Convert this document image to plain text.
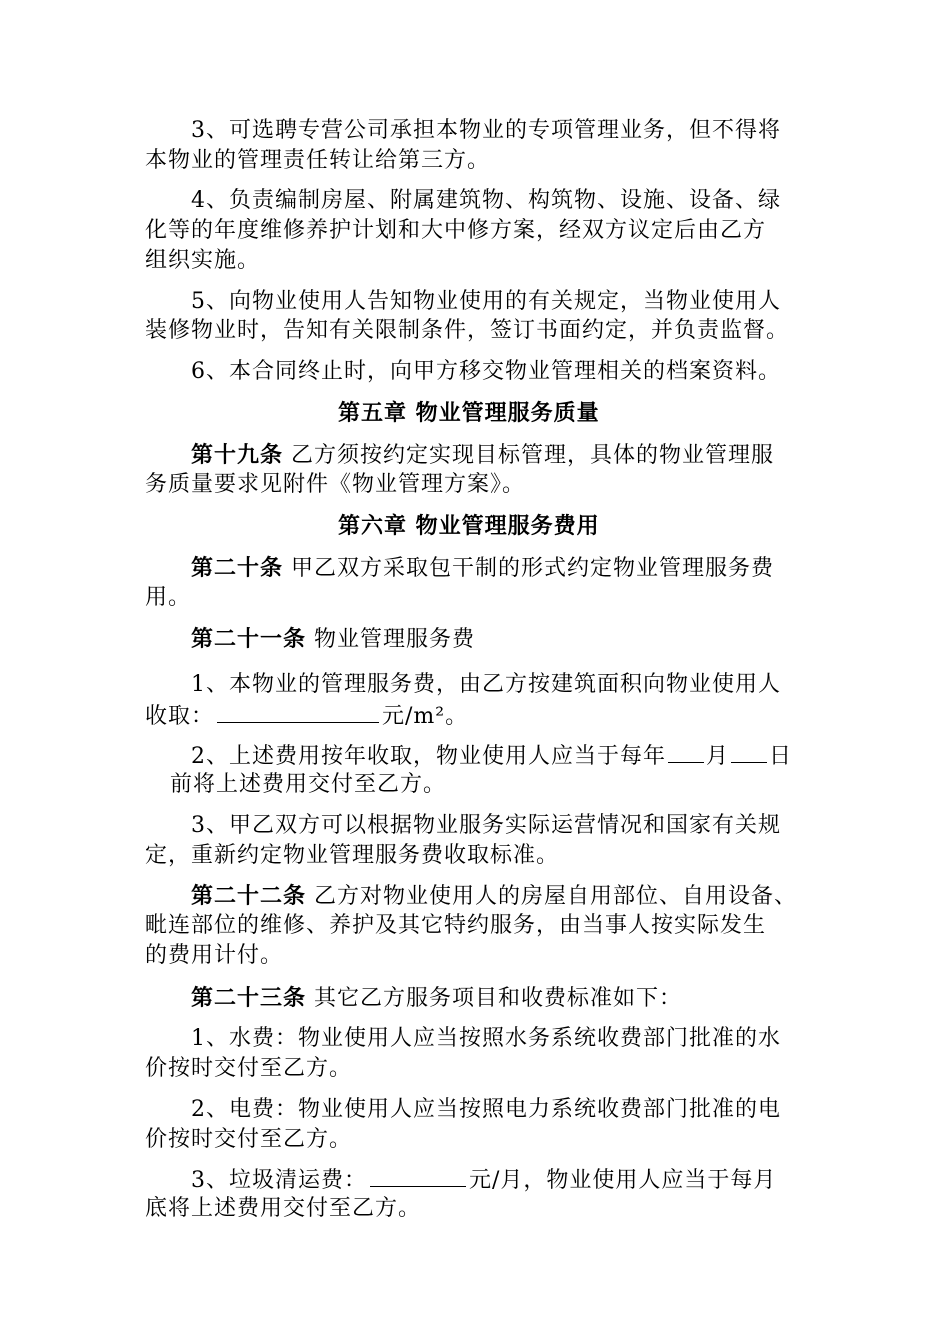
3、可选聘专营公司承担本物业的专项管理业务，但不得将

本物业的管理责任转让给第三方。

4、负责编制房屋、附属建筑物、构筑物、设施、设备、绿

化等的年度维修养护计划和大中修方案，经双方议定后由乙方

组织实施。

5、向物业使用人告知物业使用的有关规定，当物业使用人

装修物业时，告知有关限制条件，签订书面约定，并负责监督。

6、本合同终止时，向甲方移交物业管理相关的档案资料。

第五章 物业管理服务质量

第十九条 乙方须按约定实现目标管理，具体的物业管理服

务质量要求见附件《物业管理方案》。

第六章 物业管理服务费用

第二十条 甲乙双方采取包干制的形式约定物业管理服务费

用。

第二十一条 物业管理服务费

1、本物业的管理服务费，由乙方按建筑面积向物业使用人

收取：	元/m²。

2、上述费用按年收取，物业使用人应当于每年 月 日

前将上述费用交付至乙方。

3、甲乙双方可以根据物业服务实际运营情况和国家有关规

定，重新约定物业管理服务费收取标准。

第二十二条 乙方对物业使用人的房屋自用部位、自用设备、

毗连部位的维修、养护及其它特约服务，由当事人按实际发生

的费用计付。

第二十三条 其它乙方服务项目和收费标准如下：

1、水费：物业使用人应当按照水务系统收费部门批准的水

价按时交付至乙方。

2、电费：物业使用人应当按照电力系统收费部门批准的电

价按时交付至乙方。

3、垃圾清运费：	元/月，物业使用人应当于每月

底将上述费用交付至乙方。
